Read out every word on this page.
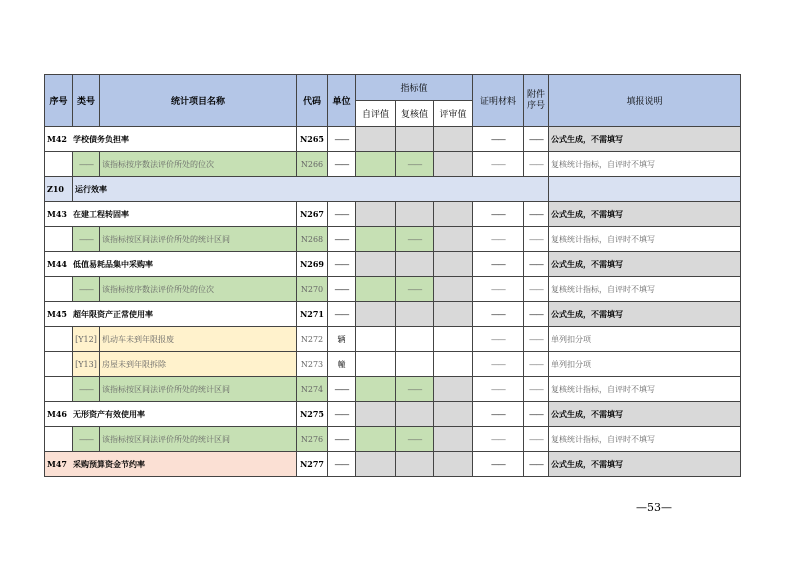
序号	类号	统计项目名称	代码	单位	指标值			证明材料	附件序号	填报说明
					自评值	复核值	评审值			
M42 学校债务负担率			N265	——				——	——	公式生成，不需填写
	——	该指标按序数法评价所处的位次	N266	——		——		——	——	复核统计指标，自评时不填写
Z10	运行效率									
M43 在建工程转固率			N267	——				——	——	公式生成，不需填写
	——	该指标按区间法评价所处的统计区间	N268	——		——		——	——	复核统计指标，自评时不填写
M44 低值易耗品集中采购率			N269	——				——	——	公式生成，不需填写
	——	该指标按序数法评价所处的位次	N270	——		——		——	——	复核统计指标，自评时不填写
M45 超年限资产正常使用率			N271	——				——	——	公式生成，不需填写
	[Y12]	机动车未到年限报废	N272	辆				——	——	单列扣分项
	[Y13]	房屋未到年限拆除	N273	幢				——	——	单列扣分项
	——	该指标按区间法评价所处的统计区间	N274	——		——		——	——	复核统计指标，自评时不填写
M46 无形资产有效使用率			N275	——				——	——	公式生成，不需填写
	——	该指标按区间法评价所处的统计区间	N276	——		——		——	——	复核统计指标，自评时不填写
M47 采购预算资金节约率			N277	——				——	——	公式生成，不需填写
—53—
